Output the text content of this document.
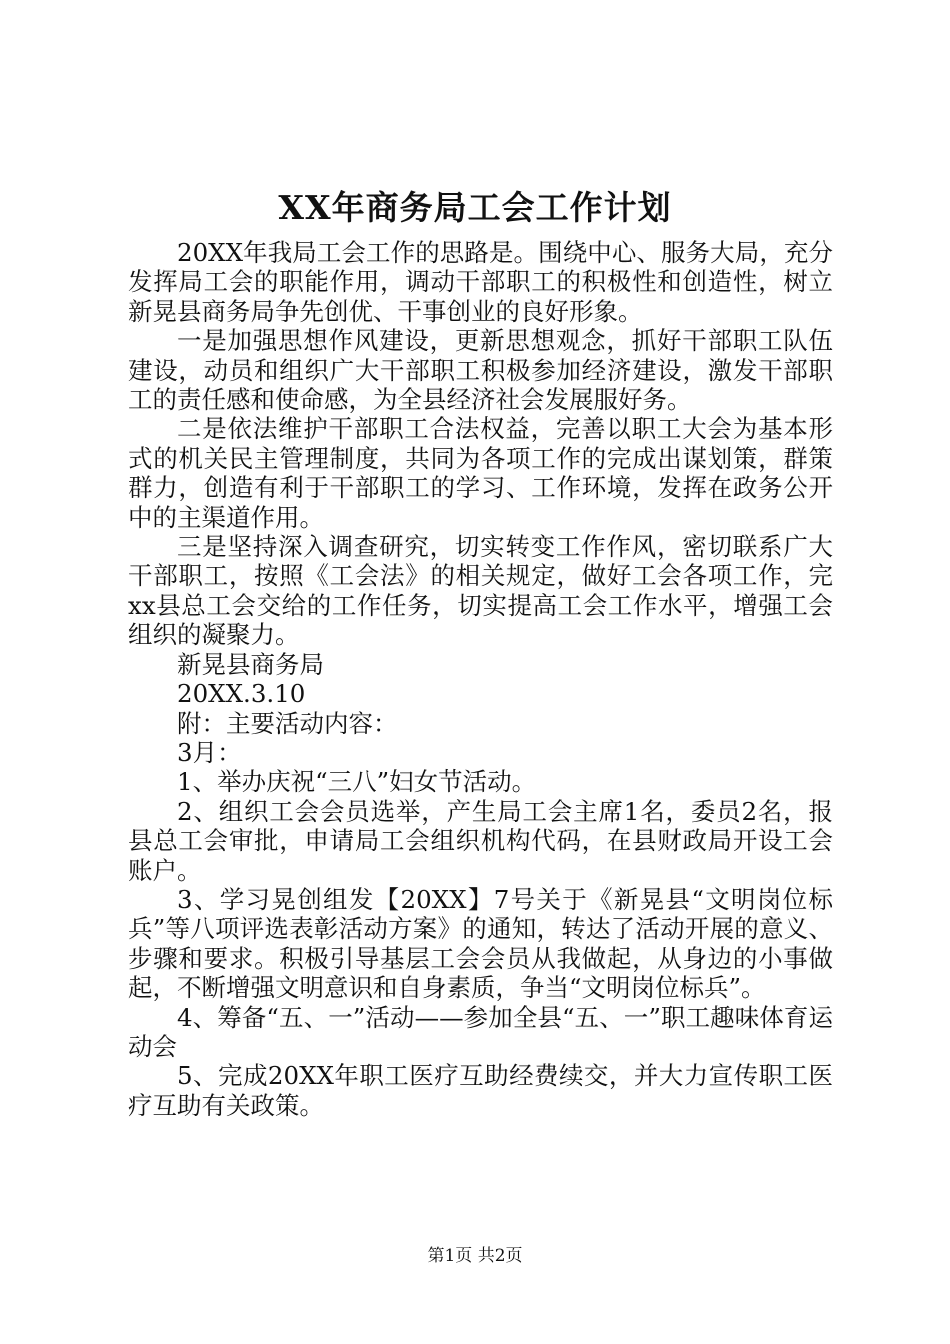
XX年商务局工会工作计划

20XX年我局工会工作的思路是。围绕中心、服务大局，充分发挥局工会的职能作用，调动干部职工的积极性和创造性，树立新晃县商务局争先创优、干事创业的良好形象。

一是加强思想作风建设，更新思想观念，抓好干部职工队伍建设，动员和组织广大干部职工积极参加经济建设，激发干部职工的责任感和使命感，为全县经济社会发展服好务。

二是依法维护干部职工合法权益，完善以职工大会为基本形式的机关民主管理制度，共同为各项工作的完成出谋划策，群策群力，创造有利于干部职工的学习、工作环境，发挥在政务公开中的主渠道作用。

三是坚持深入调查研究，切实转变工作作风，密切联系广大干部职工，按照《工会法》的相关规定，做好工会各项工作，完xx县总工会交给的工作任务，切实提高工会工作水平，增强工会组织的凝聚力。

新晃县商务局

20XX.3.10

附：主要活动内容：

3月：

1、举办庆祝“三八”妇女节活动。

2、组织工会会员选举，产生局工会主席1名，委员2名，报县总工会审批，申请局工会组织机构代码，在县财政局开设工会账户。

3、学习晃创组发【20XX】7号关于《新晃县“文明岗位标兵”等八项评选表彰活动方案》的通知，转达了活动开展的意义、步骤和要求。积极引导基层工会会员从我做起，从身边的小事做起，不断增强文明意识和自身素质，争当“文明岗位标兵”。

4、筹备“五、一”活动——参加全县“五、一”职工趣味体育运动会

5、完成20XX年职工医疗互助经费续交，并大力宣传职工医疗互助有关政策。

第1页 共2页
